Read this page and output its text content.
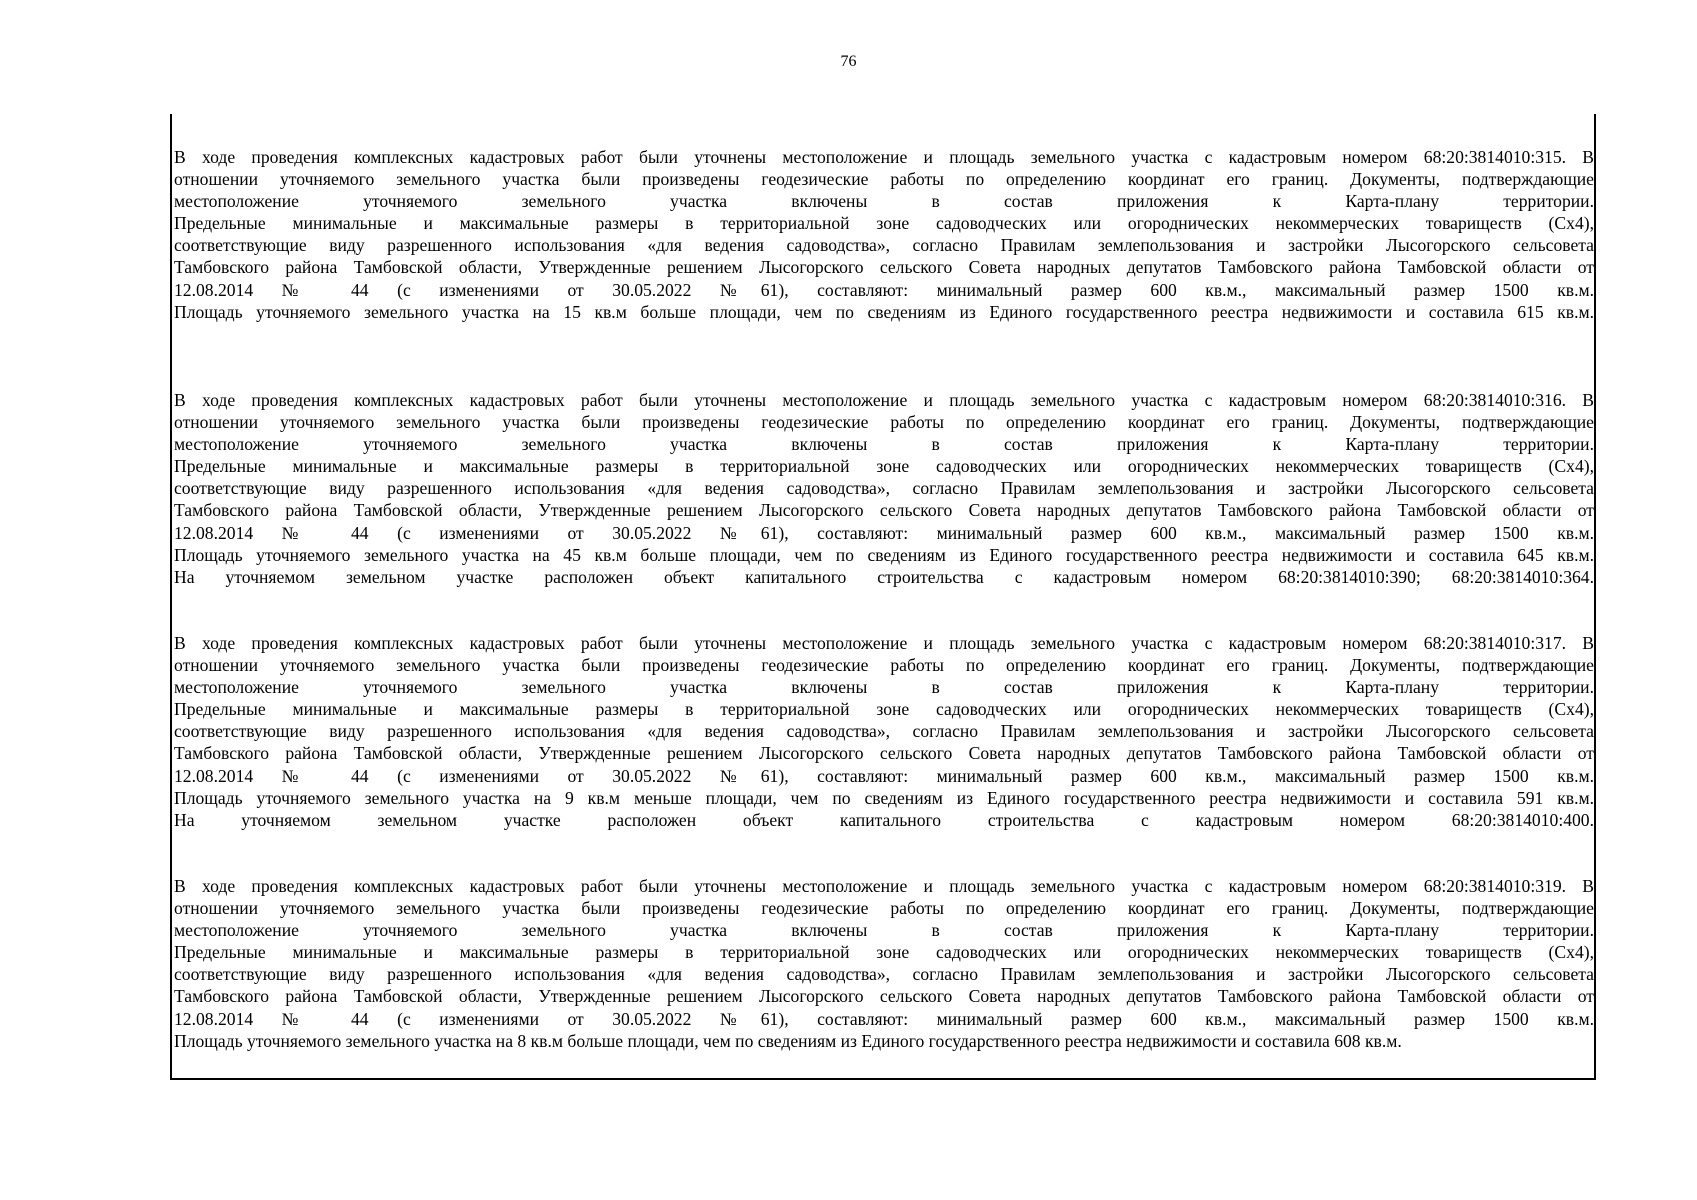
76
В ходе проведения комплексных кадастровых работ были уточнены местоположение и площадь земельного участка с кадастровым номером 68:20:3814010:315. В
отношении уточняемого земельного участка были произведены геодезические работы по определению координат его границ. Документы, подтверждающие
местоположение уточняемого земельного участка включены в состав приложения к Карта-плану территории.
Предельные минимальные и максимальные размеры в территориальной зоне садоводческих или огороднических некоммерческих товариществ (Сх4),
соответствующие виду разрешенного использования «для ведения садоводства», согласно Правилам землепользования и застройки Лысогорского сельсовета
Тамбовского района Тамбовской области, Утвержденные решением Лысогорского сельского Совета народных депутатов Тамбовского района Тамбовской области от
12.08.2014 № 44 (с изменениями от 30.05.2022 №61), составляют: минимальный размер 600 кв.м., максимальный размер 1500 кв.м.
Площадь уточняемого земельного участка на 15 кв.м больше площади, чем по сведениям из Единого государственного реестра недвижимости и составила 615 кв.м.
В ходе проведения комплексных кадастровых работ были уточнены местоположение и площадь земельного участка с кадастровым номером 68:20:3814010:316. В
отношении уточняемого земельного участка были произведены геодезические работы по определению координат его границ. Документы, подтверждающие
местоположение уточняемого земельного участка включены в состав приложения к Карта-плану территории.
Предельные минимальные и максимальные размеры в территориальной зоне садоводческих или огороднических некоммерческих товариществ (Сх4),
соответствующие виду разрешенного использования «для ведения садоводства», согласно Правилам землепользования и застройки Лысогорского сельсовета
Тамбовского района Тамбовской области, Утвержденные решением Лысогорского сельского Совета народных депутатов Тамбовского района Тамбовской области от
12.08.2014 № 44 (с изменениями от 30.05.2022 №61), составляют: минимальный размер 600 кв.м., максимальный размер 1500 кв.м.
Площадь уточняемого земельного участка на 45 кв.м больше площади, чем по сведениям из Единого государственного реестра недвижимости и составила 645 кв.м.
На уточняемом земельном участке расположен объект капитального строительства с кадастровым номером 68:20:3814010:390; 68:20:3814010:364.
В ходе проведения комплексных кадастровых работ были уточнены местоположение и площадь земельного участка с кадастровым номером 68:20:3814010:317. В
отношении уточняемого земельного участка были произведены геодезические работы по определению координат его границ. Документы, подтверждающие
местоположение уточняемого земельного участка включены в состав приложения к Карта-плану территории.
Предельные минимальные и максимальные размеры в территориальной зоне садоводческих или огороднических некоммерческих товариществ (Сх4),
соответствующие виду разрешенного использования «для ведения садоводства», согласно Правилам землепользования и застройки Лысогорского сельсовета
Тамбовского района Тамбовской области, Утвержденные решением Лысогорского сельского Совета народных депутатов Тамбовского района Тамбовской области от
12.08.2014 № 44 (с изменениями от 30.05.2022 №61), составляют: минимальный размер 600 кв.м., максимальный размер 1500 кв.м.
Площадь уточняемого земельного участка на 9 кв.м меньше площади, чем по сведениям из Единого государственного реестра недвижимости и составила 591 кв.м.
На уточняемом земельном участке расположен объект капитального строительства с кадастровым номером 68:20:3814010:400.
В ходе проведения комплексных кадастровых работ были уточнены местоположение и площадь земельного участка с кадастровым номером 68:20:3814010:319. В
отношении уточняемого земельного участка были произведены геодезические работы по определению координат его границ. Документы, подтверждающие
местоположение уточняемого земельного участка включены в состав приложения к Карта-плану территории.
Предельные минимальные и максимальные размеры в территориальной зоне садоводческих или огороднических некоммерческих товариществ (Сх4),
соответствующие виду разрешенного использования «для ведения садоводства», согласно Правилам землепользования и застройки Лысогорского сельсовета
Тамбовского района Тамбовской области, Утвержденные решением Лысогорского сельского Совета народных депутатов Тамбовского района Тамбовской области от
12.08.2014 № 44 (с изменениями от 30.05.2022 №61), составляют: минимальный размер 600 кв.м., максимальный размер 1500 кв.м.
Площадь уточняемого земельного участка на 8 кв.м больше площади, чем по сведениям из Единого государственного реестра недвижимости и составила 608 кв.м.
